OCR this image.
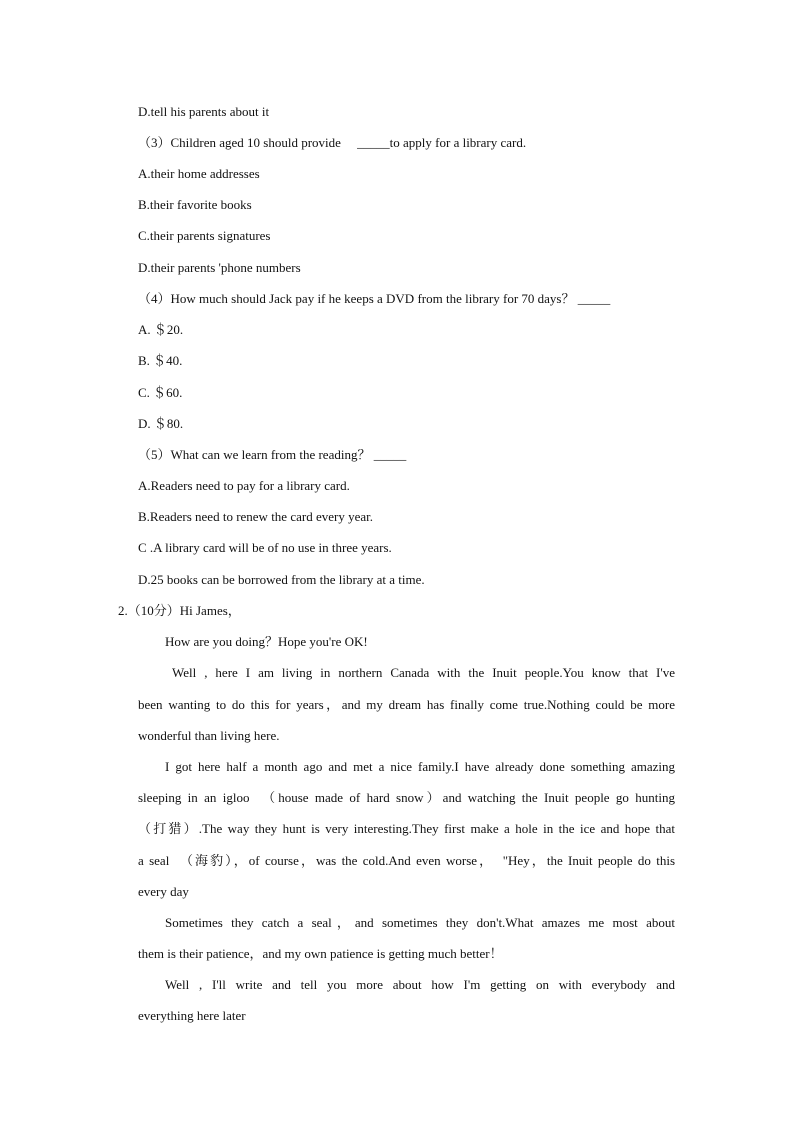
D.tell his parents about it
（3）Children aged 10 should provide　 _____to apply for a library card.
A.their home addresses
B.their favorite books
C.their parents signatures
D.their parents 'phone numbers
（4）How much should Jack pay if he keeps a DVD from the library for 70 days？ _____
A. ＄20.
B. ＄40.
C. ＄60.
D. ＄80.
（5）What can we learn from the reading？ _____
A.Readers need to pay for a library card.
B.Readers need to renew the card every year.
C .A library card will be of no use in three years.
D.25 books can be borrowed from the library at a time.
2.（10分）Hi James，
How are you doing？Hope you're OK!
Well , here I am living in northern Canada with the Inuit people.You know that I've
been wanting to do this for years，and my dream has finally come true.Nothing could be more
wonderful than living here.
I got here half a month ago and met a nice family.I have already done something amazing
sleeping in an igloo　（house made of hard snow）and watching the Inuit people go hunting
（打猎）.The way they hunt is very interesting.They first make a hole in the ice and hope that
a seal　（海豹），of course，was the cold.And even worse，　"Hey，the Inuit people do this
every day
Sometimes they catch a seal，and sometimes they don't.What amazes me most about
them is their patience，and my own patience is getting much better！
Well , I'll write and tell you more about how I'm getting on with everybody and
everything here later
